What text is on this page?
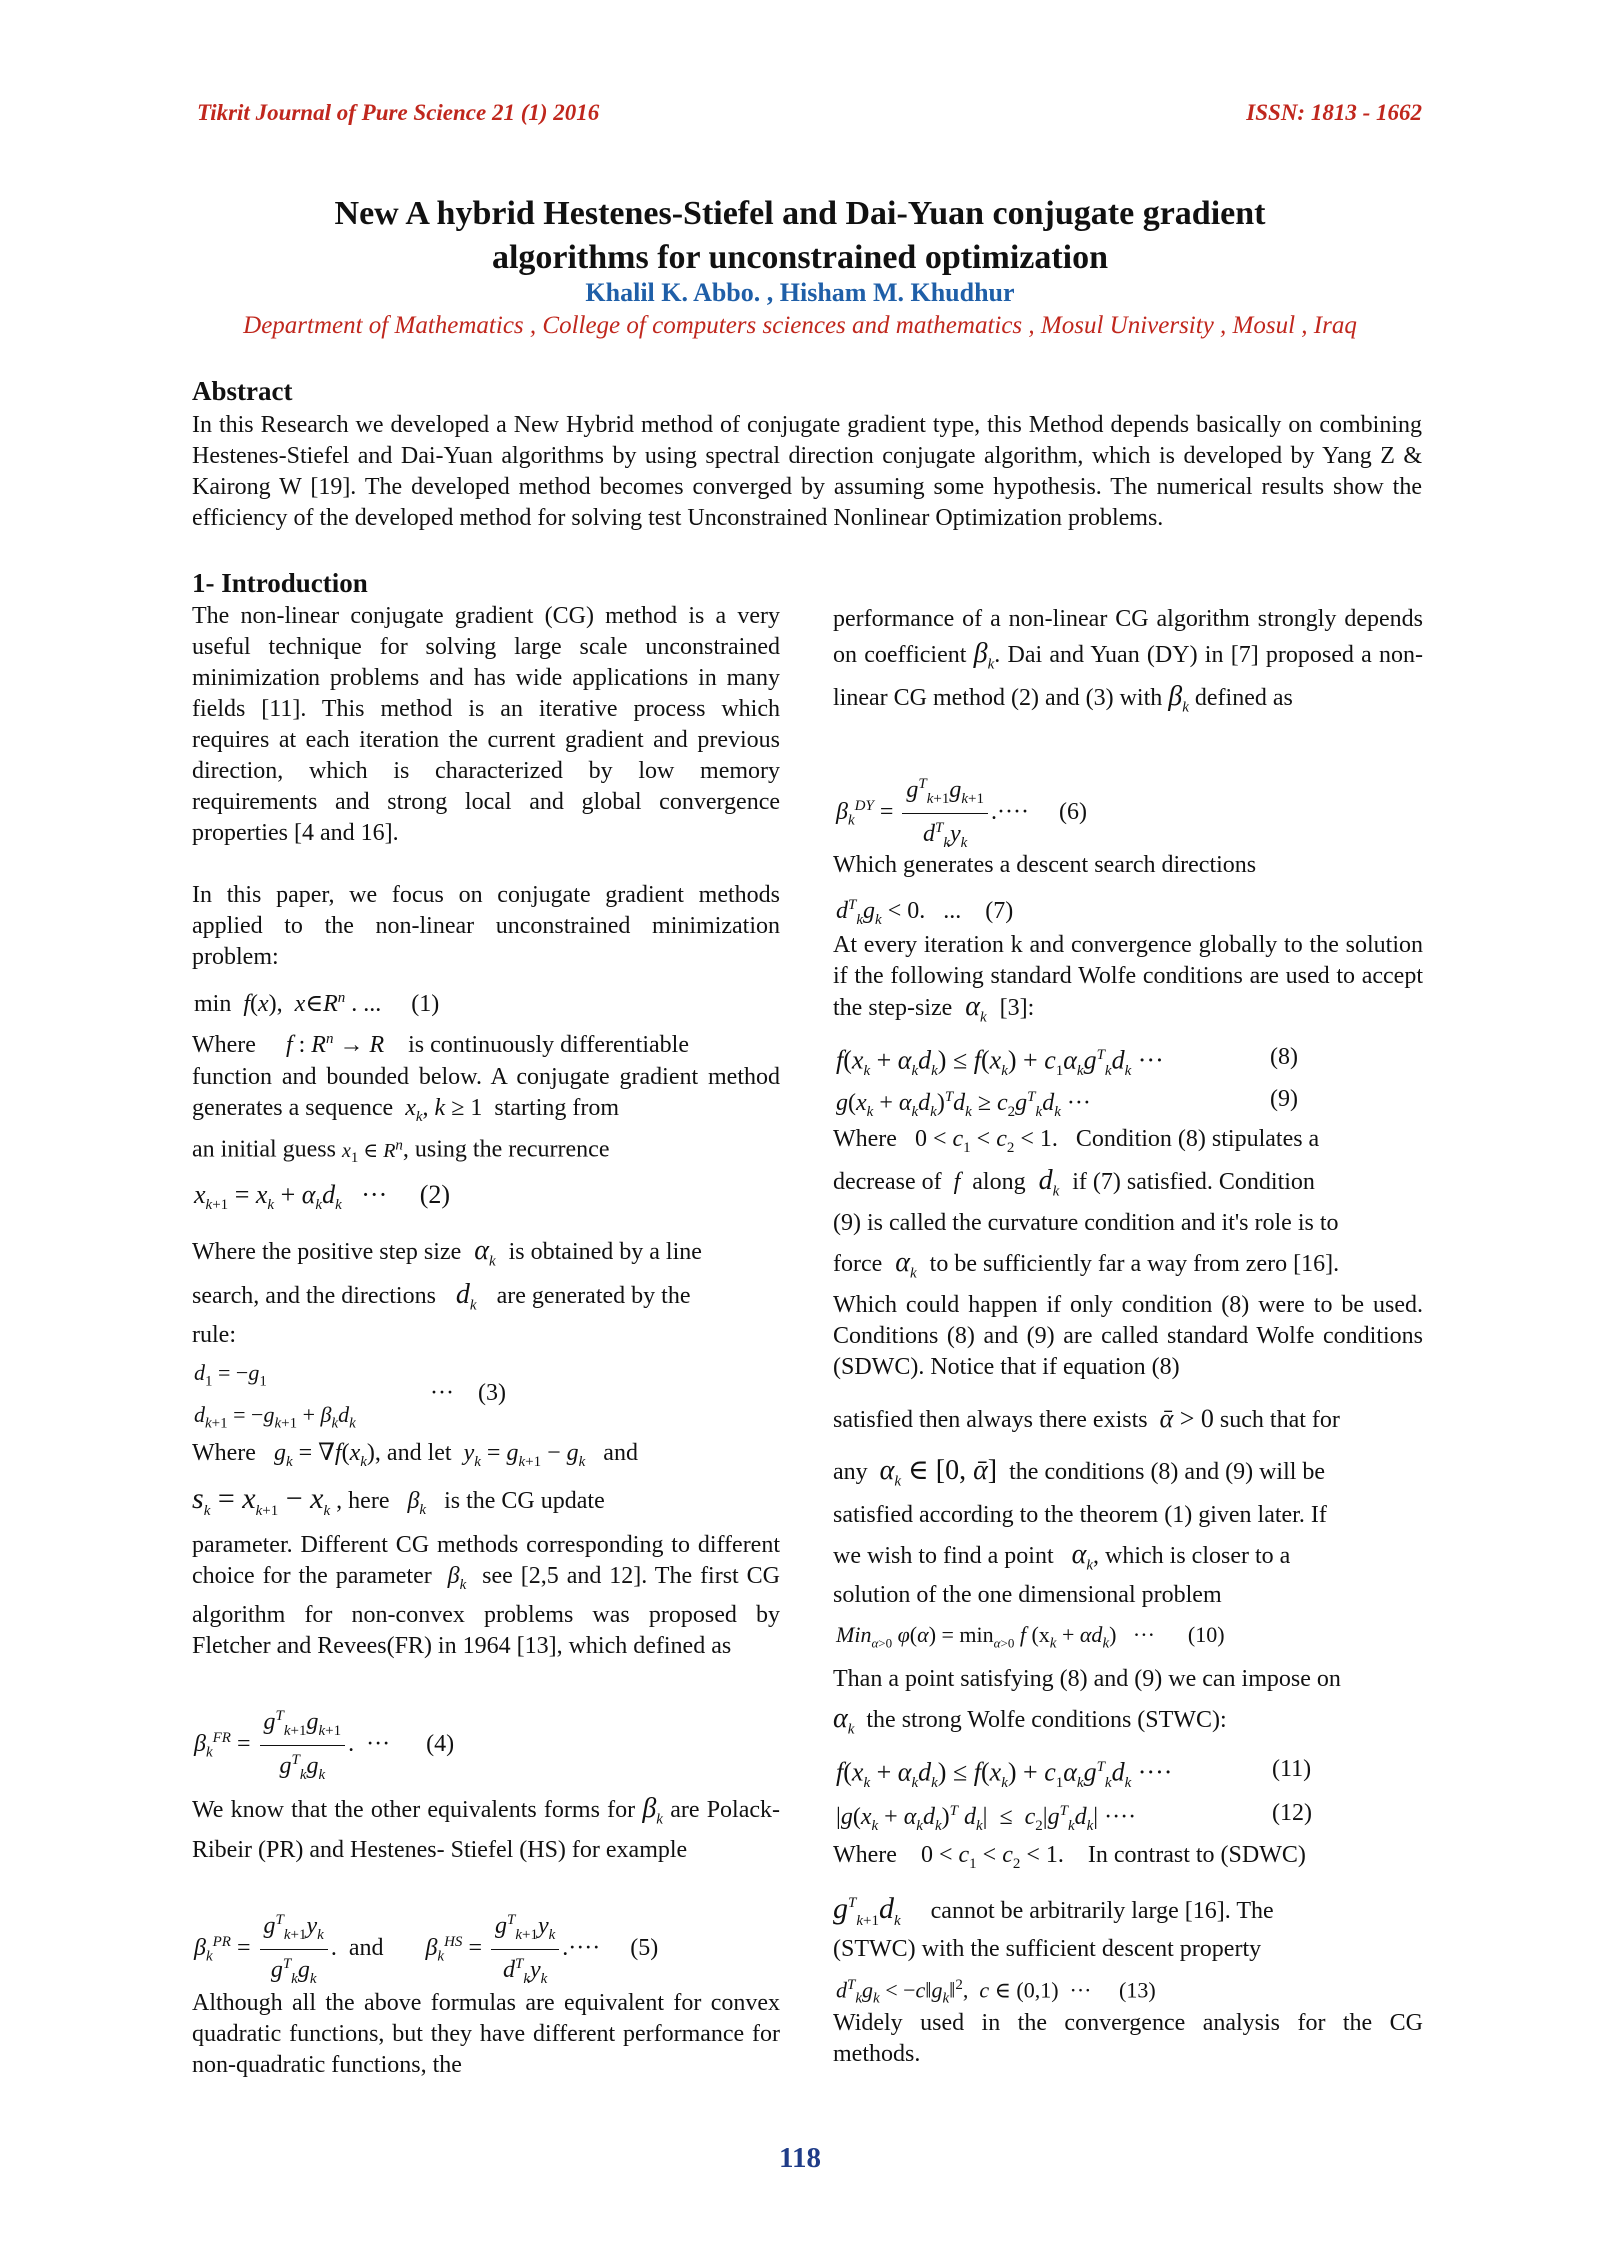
Tikrit Journal of Pure Science 21 (1) 2016	ISSN: 1813 - 1662
New A hybrid Hestenes-Stiefel and Dai-Yuan conjugate gradient
algorithms for unconstrained optimization
Khalil K. Abbo. , Hisham M. Khudhur
Department of Mathematics , College of computers sciences and mathematics , Mosul University , Mosul , Iraq
Abstract
In this Research we developed a New Hybrid method of conjugate gradient type, this Method depends basically on combining Hestenes-Stiefel and Dai-Yuan algorithms by using spectral direction conjugate algorithm, which is developed by Yang Z & Kairong W [19]. The developed method becomes converged by assuming some hypothesis. The numerical results show the efficiency of the developed method for solving test Unconstrained Nonlinear Optimization problems.
1- Introduction
The non-linear conjugate gradient (CG) method is a very useful technique for solving large scale unconstrained minimization problems and has wide applications in many fields [11]. This method is an iterative process which requires at each iteration the current gradient and previous direction, which is characterized by low memory requirements and strong local and global convergence properties [4 and 16].
In this paper, we focus on conjugate gradient methods applied to the non-linear unconstrained minimization problem:
min  f(x),  $x\in R^n$ . ...     (1)
Where f : $R^n \to R$ is continuously differentiable
function and bounded below. A conjugate gradient method generates a sequence $x_k$, k ≥ 1  starting from
an initial guess $x_1$ ∈ $R^n$, using the recurrence
$x_{k+1} = x_k + \alpha_kd_k$   ···     (2)
Where the positive step size $\alpha_k$ is obtained by a line
search, and the directions $d_k$ are generated by the
rule:
$d_1 = -g_1$
$d_{k+1} = -g_{k+1} + \beta_kd_k$
···    (3)
Where $g_k = \nabla f(x_k)$, and let $y_k = g_{k+1} - g_k$ and
$s_k = x_{k+1} - x_k$ , here $\beta_k$ is the CG update
parameter. Different CG methods corresponding to different choice for the parameter $\beta_k$ see [2,5 and 12]. The first CG algorithm for non-convex problems was proposed by Fletcher and Revees(FR) in 1964 [13], which defined as
$\beta_k^{FR} = \frac{g^T_{k+1}g_{k+1}}{g^T_kg_k}$ .  ···      (4)
We know that the other equivalents forms for $\beta_k$ are Polack-Ribeir (PR) and Hestenes- Stiefel (HS) for example
$\beta_k^{PR} = \frac{g^T_{k+1}y_k}{g^T_kg_k}$ .  and $\beta_k^{HS} = \frac{g^T_{k+1}y_k}{d^T_ky_k}$ .····     (5)
Although all the above formulas are equivalent for convex quadratic functions, but they have different performance for non-quadratic functions, the
performance of a non-linear CG algorithm strongly depends on coefficient $\beta_k$. Dai and Yuan (DY) in [7] proposed a non-linear CG method (2) and (3) with $\beta_k$ defined as
$\beta_k^{DY} = \frac{g^T_{k+1}g_{k+1}}{d^T_ky_k}$ .····     (6)
Which generates a descent search directions
$d^T_kg_k < 0$.   ...    (7)
At every iteration k and convergence globally to the solution if the following standard Wolfe conditions are used to accept the step-size $\alpha_k$ [3]:
$f(x_k + \alpha_kd_k) \le f(x_k) + c_1\alpha_kg^T_kd_k$ ···	(8)
$g(x_k + \alpha_kd_k)^Td_k \ge c_2g^T_kd_k$ ···	(9)
Where $0 < c_1 < c_2 < 1$. Condition (8) stipulates a
decrease of f along $d_k$ if (7) satisfied. Condition
(9) is called the curvature condition and it's role is to
force $\alpha_k$ to be sufficiently far a way from zero [16].
Which could happen if only condition (8) were to be used. Conditions (8) and (9) are called standard Wolfe conditions (SDWC). Notice that if equation (8)
satisfied then always there exists ᾱ > 0 such that for
any $\alpha_k$ ∈ [0, ᾱ] the conditions (8) and (9) will be
satisfied according to the theorem (1) given later. If
we wish to find a point $\alpha_k$, which is closer to a
solution of the one dimensional problem
Min$_{\alpha>0}$ $\varphi(\alpha) = \min_{\alpha>0} f$ $(x_k + \alpha d_k)$   ···      (10)
Than a point satisfying (8) and (9) we can impose on
$\alpha_k$ the strong Wolfe conditions (STWC):
$f(x_k + \alpha_kd_k) \le f(x_k) + c_1\alpha_kg^T_kd_k$ ····	(11)
$|g(x_k + \alpha_kd_k)^T$ $d_k| \le c_2|g^T_kd_k|$ ····	(12)
Where $0 < c_1 < c_2 < 1$. In contrast to (SDWC)
$g^T_{k+1}d_k$ cannot be arbitrarily large [16]. The
(STWC) with the sufficient descent property
$d^T_kg_k$ < $-c‖g_k‖^2$,  c ∈ (0,1)  ···     (13)
Widely used in the convergence analysis for the CG methods.
118
